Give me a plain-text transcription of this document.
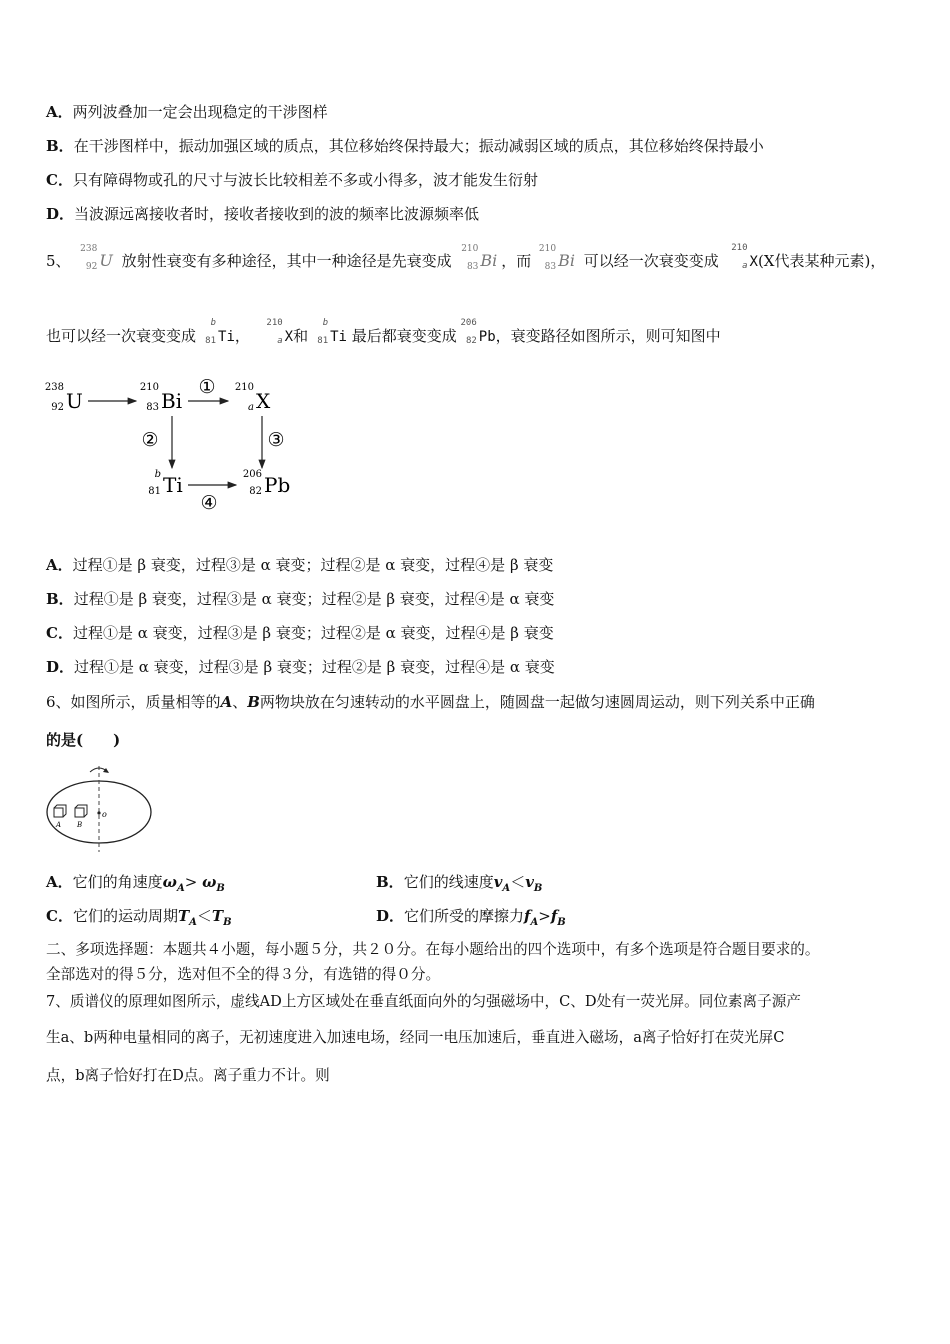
A．两列波叠加一定会出现稳定的干涉图样
B．在干涉图样中，振动加强区域的质点，其位移始终保持最大；振动减弱区域的质点，其位移始终保持最小
C．只有障碍物或孔的尺寸与波长比较相差不多或小得多，波才能发生衍射
D．当波源远离接收者时，接收者接收到的波的频率比波源频率低
5、
238
92 U 放射性衰变有多种途径，其中一种途径是先衰变成
210
83 Bi ，而
210
83 Bi 可以经一次衰变变成
210
a X(X代表某种元素)，
也可以经一次衰变变成
b
81 Ti，
210
a X和
b
81 Ti 最后都衰变变成
206
82 Pb，衰变路径如图所示，则可知图中
238
92 U
210
83 Bi
① 210
a X
②	③
b
81 Ti
④
206
82 Pb
A．过程①是 β 衰变，过程③是 α 衰变；过程②是 α 衰变，过程④是 β 衰变
B．过程①是 β 衰变，过程③是 α 衰变；过程②是 β 衰变，过程④是 α 衰变
C．过程①是 α 衰变，过程③是 β 衰变；过程②是 α 衰变，过程④是 β 衰变
D．过程①是 α 衰变，过程③是 β 衰变；过程②是 β 衰变，过程④是 α 衰变
6、如图所示，质量相等的A、B两物块放在匀速转动的水平圆盘上，随圆盘一起做匀速圆周运动，则下列关系中正确
的是(　　)
A B
o
A．它们的角速度$\omega_A> \omega_B$	B．它们的线速度$v_A<v_B$
C．它们的运动周期$T_A<T_B$	D．它们所受的摩擦力$f_A>f_B$
二、多项选择题：本题共４小题，每小题５分，共２０分。在每小题给出的四个选项中，有多个选项是符合题目要求的。
全部选对的得５分，选对但不全的得３分，有选错的得０分。
7、质谱仪的原理如图所示，虚线AD上方区域处在垂直纸面向外的匀强磁场中，C、D处有一荧光屏。同位素离子源产
生a、b两种电量相同的离子，无初速度进入加速电场，经同一电压加速后，垂直进入磁场，a离子恰好打在荧光屏C
点，b离子恰好打在D点。离子重力不计。则
